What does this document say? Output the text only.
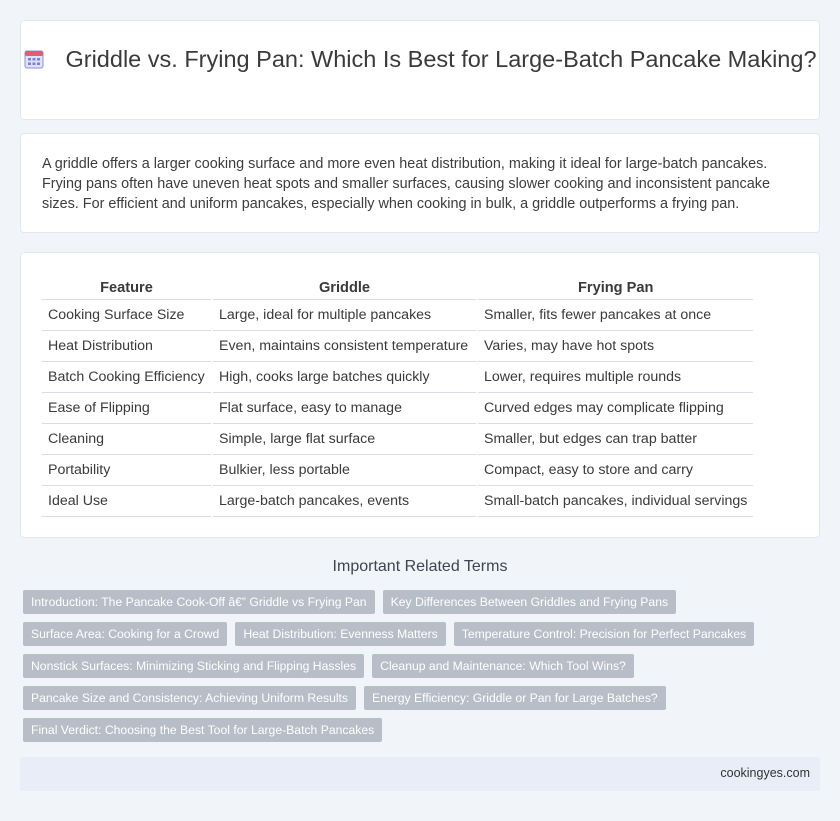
Griddle vs. Frying Pan: Which Is Best for Large-Batch Pancake Making?

A griddle offers a larger cooking surface and more even heat distribution, making it ideal for large-batch pancakes. Frying pans often have uneven heat spots and smaller surfaces, causing slower cooking and inconsistent pancake sizes. For efficient and uniform pancakes, especially when cooking in bulk, a griddle outperforms a frying pan.

Feature	Griddle	Frying Pan
Cooking Surface Size	Large, ideal for multiple pancakes	Smaller, fits fewer pancakes at once
Heat Distribution	Even, maintains consistent temperature	Varies, may have hot spots
Batch Cooking Efficiency	High, cooks large batches quickly	Lower, requires multiple rounds
Ease of Flipping	Flat surface, easy to manage	Curved edges may complicate flipping
Cleaning	Simple, large flat surface	Smaller, but edges can trap batter
Portability	Bulkier, less portable	Compact, easy to store and carry
Ideal Use	Large-batch pancakes, events	Small-batch pancakes, individual servings
Important Related Terms
Introduction: The Pancake Cook-Off â€” Griddle vs Frying Pan	Key Differences Between Griddles and Frying Pans
Surface Area: Cooking for a Crowd	Heat Distribution: Evenness Matters	Temperature Control: Precision for Perfect Pancakes
Nonstick Surfaces: Minimizing Sticking and Flipping Hassles	Cleanup and Maintenance: Which Tool Wins?
Pancake Size and Consistency: Achieving Uniform Results	Energy Efficiency: Griddle or Pan for Large Batches?
Final Verdict: Choosing the Best Tool for Large-Batch Pancakes
cookingyes.com
